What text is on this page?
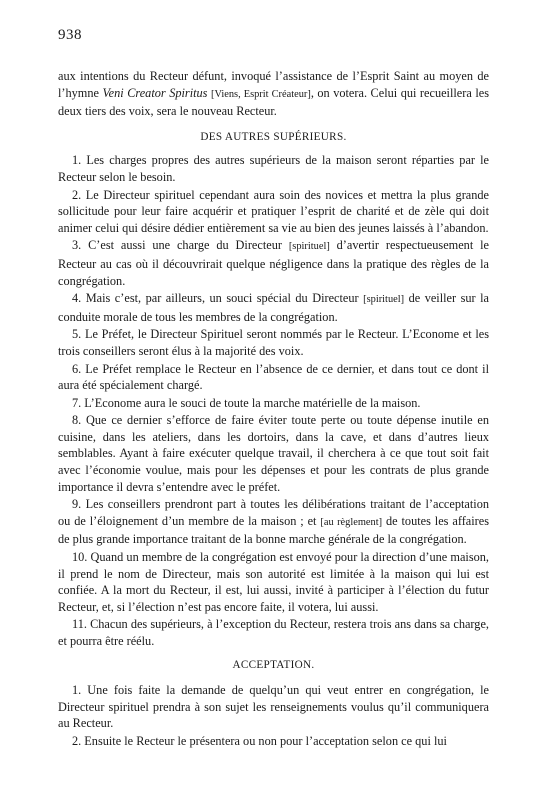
938

aux intentions du Recteur défunt, invoqué l’assistance de l’Esprit Saint au moyen de l’hymne Veni Creator Spiritus [Viens, Esprit Créateur], on votera. Celui qui recueillera les deux tiers des voix, sera le nouveau Recteur.

DES AUTRES SUPÉRIEURS.

1. Les charges propres des autres supérieurs de la maison seront réparties par le Recteur selon le besoin.

2. Le Directeur spirituel cependant aura soin des novices et mettra la plus grande sollicitude pour leur faire acquérir et pratiquer l’esprit de charité et de zèle qui doit animer celui qui désire dédier entièrement sa vie au bien des jeunes laissés à l’abandon.

3. C’est aussi une charge du Directeur [spirituel] d’avertir respectueusement le Recteur au cas où il découvrirait quelque négligence dans la pratique des règles de la congrégation.

4. Mais c’est, par ailleurs, un souci spécial du Directeur [spirituel] de veiller sur la conduite morale de tous les membres de la congrégation.

5. Le Préfet, le Directeur Spirituel seront nommés par le Recteur. L’Econome et les trois conseillers seront élus à la majorité des voix.

6. Le Préfet remplace le Recteur en l’absence de ce dernier, et dans tout ce dont il aura été spécialement chargé.

7. L’Econome aura le souci de toute la marche matérielle de la maison.

8. Que ce dernier s’efforce de faire éviter toute perte ou toute dépense inutile en cuisine, dans les ateliers, dans les dortoirs, dans la cave, et dans d’autres lieux semblables. Ayant à faire exécuter quelque travail, il cherchera à ce que tout soit fait avec l’économie voulue, mais pour les dépenses et pour les contrats de plus grande importance il devra s’entendre avec le préfet.

9. Les conseillers prendront part à toutes les délibérations traitant de l’acceptation ou de l’éloignement d’un membre de la maison ; et [au règlement] de toutes les affaires de plus grande importance traitant de la bonne marche générale de la congrégation.

10. Quand un membre de la congrégation est envoyé pour la direction d’une maison, il prend le nom de Directeur, mais son autorité est limitée à la maison qui lui est confiée. A la mort du Recteur, il est, lui aussi, invité à participer à l’élection du futur Recteur, et, si l’élection n’est pas encore faite, il votera, lui aussi.

11. Chacun des supérieurs, à l’exception du Recteur, restera trois ans dans sa charge, et pourra être réélu.

ACCEPTATION.

1. Une fois faite la demande de quelqu’un qui veut entrer en congrégation, le Directeur spirituel prendra à son sujet les renseignements voulus qu’il communiquera au Recteur.

2. Ensuite le Recteur le présentera ou non pour l’acceptation selon ce qui lui
